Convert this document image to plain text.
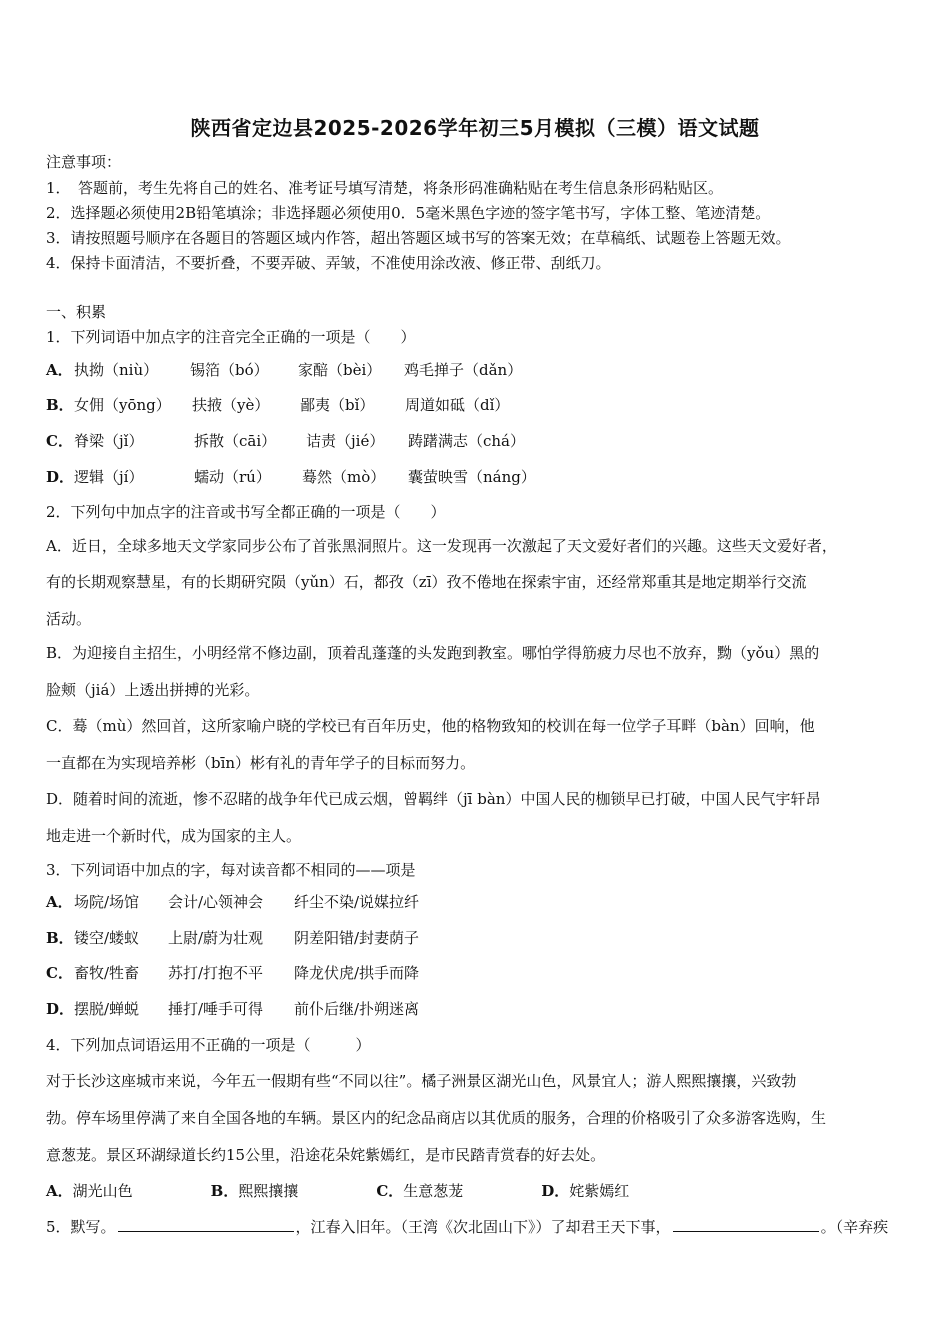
陕西省定边县2025-2026学年初三5月模拟（三模）语文试题
注意事项：
1．　答题前，考生先将自己的姓名、准考证号填写清楚，将条形码准确粘贴在考生信息条形码粘贴区。
2．选择题必须使用2B铅笔填涂；非选择题必须使用0．5毫米黑色字迹的签字笔书写，字体工整、笔迹清楚。
3．请按照题号顺序在各题目的答题区域内作答，超出答题区域书写的答案无效；在草稿纸、试题卷上答题无效。
4．保持卡面清洁，不要折叠，不要弄破、弄皱，不准使用涂改液、修正带、刮纸刀。
一、积累
1．下列词语中加点字的注音完全正确的一项是（　　）
A．执拗（niù） 锡箔（bó） 家醅（bèi） 鸡毛掸子（dǎn）
B．女佣（yōng） 扶掖（yè） 鄙夷（bǐ） 周道如砥（dǐ）
C．脊梁（jǐ）	拆散（cāi） 诘责（jié） 踌躇满志（chá）
D．逻辑（jí）	蠕动（rú） 蓦然（mò） 囊萤映雪（náng）
2．下列句中加点字的注音或书写全都正确的一项是（　　）
A．近日，全球多地天文学家同步公布了首张黑洞照片。这一发现再一次激起了天文爱好者们的兴趣。这些天文爱好者，
有的长期观察慧星，有的长期研究陨（yǔn）石，都孜（zī）孜不倦地在探索宇宙，还经常郑重其是地定期举行交流
活动。
B．为迎接自主招生，小明经常不修边副，顶着乱蓬蓬的头发跑到教室。哪怕学得筋疲力尽也不放弃，黝（yǒu）黑的
脸颊（jiá）上透出拼搏的光彩。
C．蓦（mù）然回首，这所家喻户晓的学校已有百年历史，他的格物致知的校训在每一位学子耳畔（bàn）回响，他
一直都在为实现培养彬（bīn）彬有礼的青年学子的目标而努力。
D．随着时间的流逝，惨不忍睹的战争年代已成云烟，曾羁绊（jī bàn）中国人民的枷锁早已打破，中国人民气宇轩昂
地走进一个新时代，成为国家的主人。
3．下列词语中加点的字，每对读音都不相同的——项是
A．场院/场馆 会计/心领神会 纤尘不染/说媒拉纤
B．镂空/蝼蚁 上尉/蔚为壮观 阴差阳错/封妻荫子
C．畜牧/牲畜 苏打/打抱不平 降龙伏虎/拱手而降
D．摆脱/蝉蜕 捶打/唾手可得 前仆后继/扑朔迷离
4．下列加点词语运用不正确的一项是（　　　）
对于长沙这座城市来说，今年五一假期有些“不同以往”。橘子洲景区湖光山色，风景宜人；游人熙熙攘攘，兴致勃
勃。停车场里停满了来自全国各地的车辆。景区内的纪念品商店以其优质的服务，合理的价格吸引了众多游客选购，生
意葱茏。景区环湖绿道长约15公里，沿途花朵姹紫嫣红，是市民踏青赏春的好去处。
A．湖光山色	B．熙熙攘攘	C．生意葱茏	D．姹紫嫣红
5．默写。	，江春入旧年。（王湾《次北固山下》）了却君王天下事，	。（辛弃疾
